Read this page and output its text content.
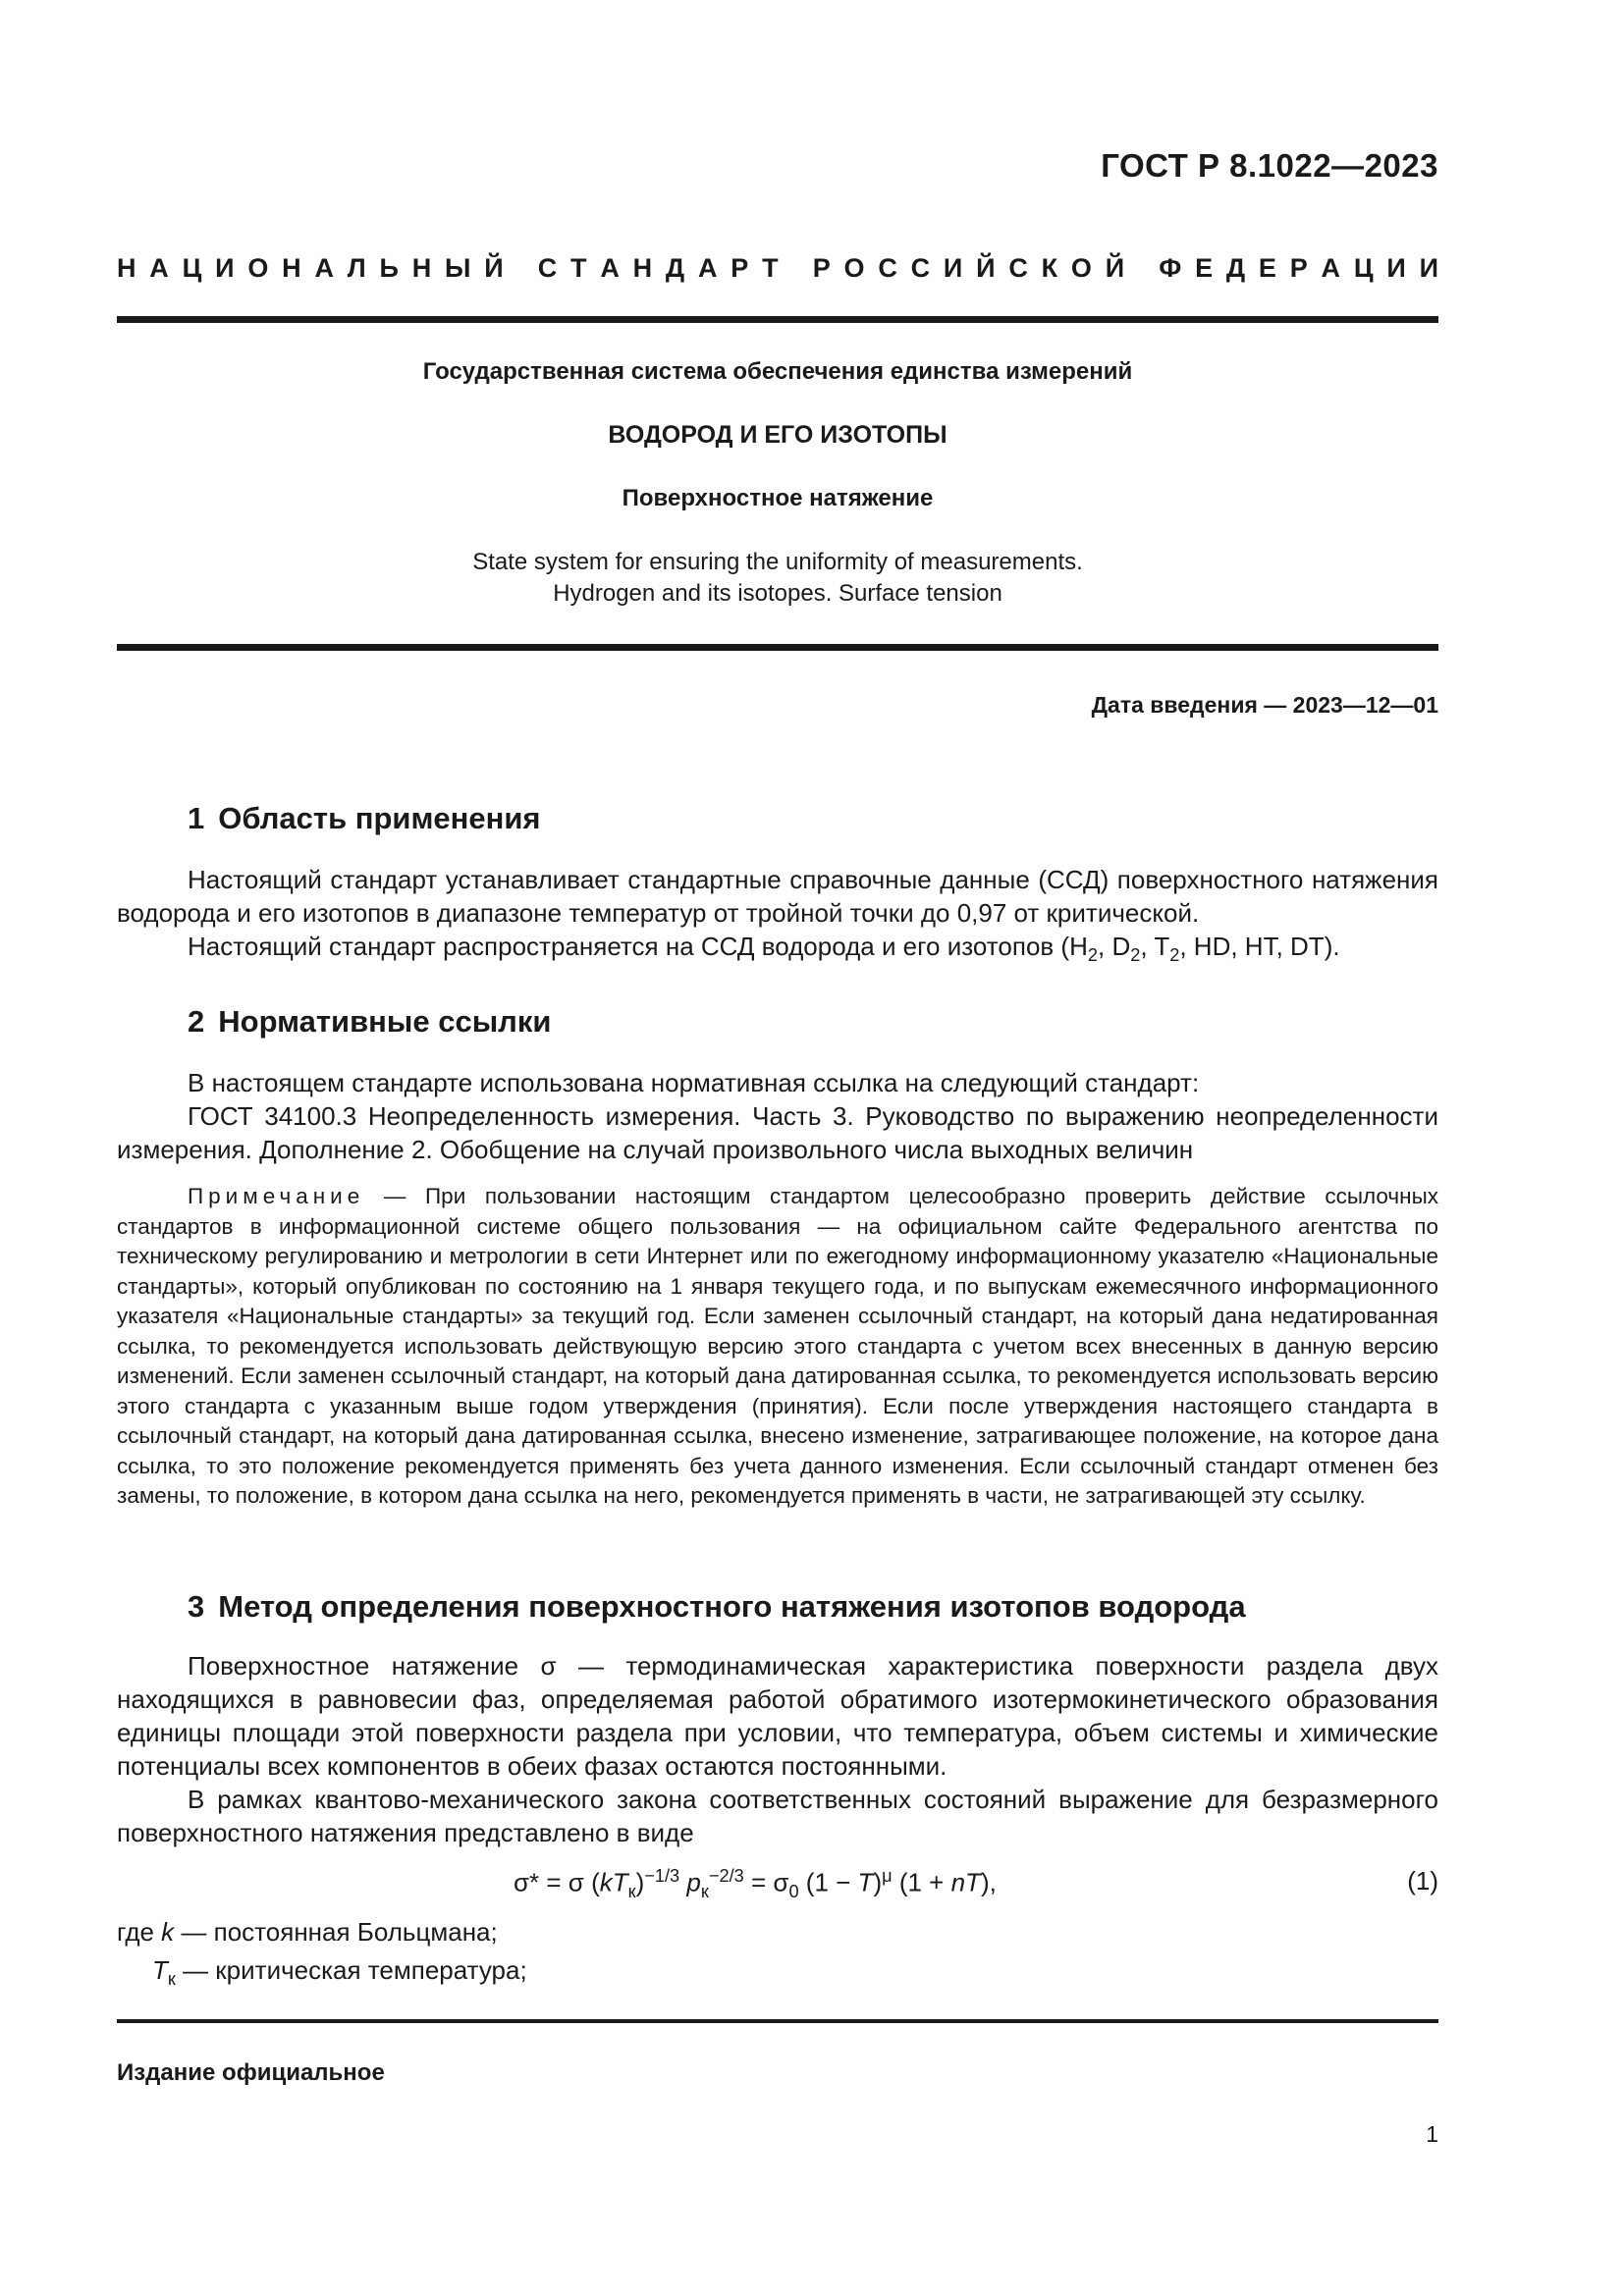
ГОСТ Р 8.1022—2023
Н А Ц И О Н А Л Ь Н Ы Й
С Т А Н Д А Р Т
Р О С С И Й С К О Й
Ф Е Д Е Р А Ц И И
Государственная система обеспечения единства измерений
ВОДОРОД И ЕГО ИЗОТОПЫ
Поверхностное натяжение
State system for ensuring the uniformity of measurements.
Hydrogen and its isotopes. Surface tension
Дата введения — 2023—12—01
1 Область применения
Настоящий стандарт устанавливает стандартные справочные данные (ССД) поверхностного натяжения водорода и его изотопов в диапазоне температур от тройной точки до 0,97 от критической.
Настоящий стандарт распространяется на ССД водорода и его изотопов ($H_2$, $D_2$, $T_2$, HD, HT, DT).
2 Нормативные ссылки
В настоящем стандарте использована нормативная ссылка на следующий стандарт:
ГОСТ 34100.3 Неопределенность измерения. Часть 3. Руководство по выражению неопределенности измерения. Дополнение 2. Обобщение на случай произвольного числа выходных величин
Примечание — При пользовании настоящим стандартом целесообразно проверить действие ссылочных стандартов в информационной системе общего пользования — на официальном сайте Федерального агентства по техническому регулированию и метрологии в сети Интернет или по ежегодному информационному указателю «Национальные стандарты», который опубликован по состоянию на 1 января текущего года, и по выпускам ежемесячного информационного указателя «Национальные стандарты» за текущий год. Если заменен ссылочный стандарт, на который дана недатированная ссылка, то рекомендуется использовать действующую версию этого стандарта с учетом всех внесенных в данную версию изменений. Если заменен ссылочный стандарт, на который дана датированная ссылка, то рекомендуется использовать версию этого стандарта с указанным выше годом утверждения (принятия). Если после утверждения настоящего стандарта в ссылочный стандарт, на который дана датированная ссылка, внесено изменение, затрагивающее положение, на которое дана ссылка, то это положение рекомендуется применять без учета данного изменения. Если ссылочный стандарт отменен без замены, то положение, в котором дана ссылка на него, рекомендуется применять в части, не затрагивающей эту ссылку.
3 Метод определения поверхностного натяжения изотопов водорода
Поверхностное натяжение σ — термодинамическая характеристика поверхности раздела двух находящихся в равновесии фаз, определяемая работой обратимого изотермокинетического образования единицы площади этой поверхности раздела при условии, что температура, объем системы и химические потенциалы всех компонентов в обеих фазах остаются постоянными.
В рамках квантово-механического закона соответственных состояний выражение для безразмерного поверхностного натяжения представлено в виде
σ* = σ $(kT_к)^{-1/3}$ $p_к^{-2/3} = \sigma_0$ $(1 - T)^\mu$ (1 + nT),	(1)
где k — постоянная Больцмана;
$T_к$ — критическая температура;
Издание официальное
1
